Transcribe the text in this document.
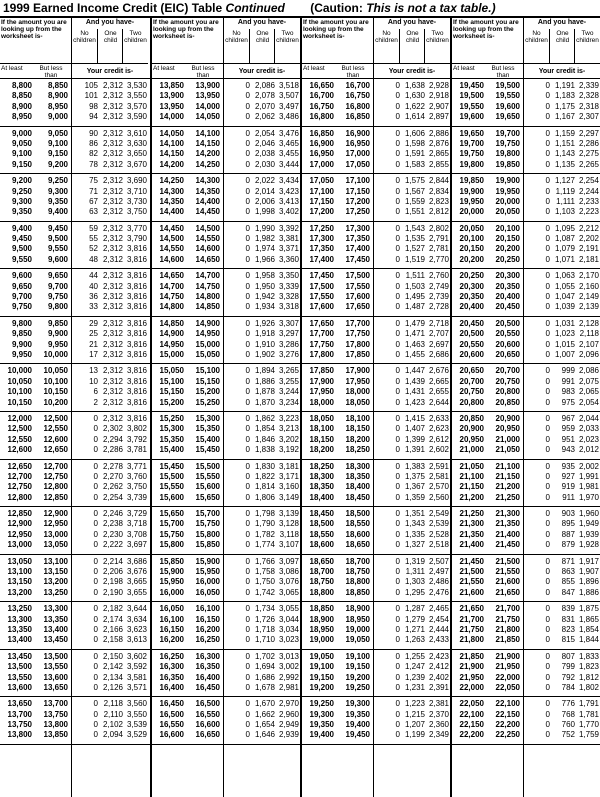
1999 Earned Income Credit (EIC) Table Continued (Caution: This is not a tax table.)
If the amount you are looking up from the worksheet is-
And you have-
No children
One child
Two children
At least	But less than
Your credit is-
8,800	8,850	105 2,312 3,530
8,850	8,900	101 2,312 3,550
8,900	8,950	98 2,312 3,570
8,950	9,000	94 2,312 3,590
9,000	9,050	90 2,312 3,610
9,050	9,100	86 2,312 3,630
9,100	9,150	82 2,312 3,650
9,150	9,200	78 2,312 3,670
9,200	9,250	75 2,312 3,690
9,250	9,300	71 2,312 3,710
9,300	9,350	67 2,312 3,730
9,350	9,400	63 2,312 3,750
9,400	9,450	59 2,312 3,770
9,450	9,500	55 2,312 3,790
9,500	9,550	52 2,312 3,816
9,550	9,600	48 2,312 3,816
9,600	9,650	44 2,312 3,816
9,650	9,700	40 2,312 3,816
9,700	9,750	36 2,312 3,816
9,750	9,800	33 2,312 3,816
9,800	9,850	29 2,312 3,816
9,850	9,900	25 2,312 3,816
9,900	9,950	21 2,312 3,816
9,950	10,000	17 2,312 3,816
10,000	10,050	13 2,312 3,816
10,050	10,100	10 2,312 3,816
10,100	10,150	6 2,312 3,816
10,150	10,200	2 2,312 3,816
12,000	12,500	0 2,312 3,816
12,500	12,550	0 2,302 3,802
12,550	12,600	0 2,294 3,792
12,600	12,650	0 2,286 3,781
12,650	12,700	0 2,278 3,771
12,700	12,750	0 2,270 3,760
12,750	12,800	0 2,262 3,750
12,800	12,850	0 2,254 3,739
12,850	12,900	0 2,246 3,729
12,900	12,950	0 2,238 3,718
12,950	13,000	0 2,230 3,708
13,000	13,050	0 2,222 3,697
13,050	13,100	0 2,214 3,686
13,100	13,150	0 2,206 3,676
13,150	13,200	0 2,198 3,665
13,200	13,250	0 2,190 3,655
13,250	13,300	0 2,182 3,644
13,300	13,350	0 2,174 3,634
13,350	13,400	0 2,166 3,623
13,400	13,450	0 2,158 3,613
13,450	13,500	0 2,150 3,602
13,500	13,550	0 2,142 3,592
13,550	13,600	0 2,134 3,581
13,600	13,650	0 2,126 3,571
13,650	13,700	0 2,118 3,560
13,700	13,750	0 2,110 3,550
13,750	13,800	0 2,102 3,539
13,800	13,850	0 2,094 3,529
If the amount you are looking up from the worksheet is-
And you have-
No children
One child
Two children
At least	But less than
Your credit is-
13,850	13,900	0 2,086 3,518
13,900	13,950	0 2,078 3,507
13,950	14,000	0 2,070 3,497
14,000	14,050	0 2,062 3,486
14,050	14,100	0 2,054 3,476
14,100	14,150	0 2,046 3,465
14,150	14,200	0 2,038 3,455
14,200	14,250	0 2,030 3,444
14,250	14,300	0 2,022 3,434
14,300	14,350	0 2,014 3,423
14,350	14,400	0 2,006 3,413
14,400	14,450	0 1,998 3,402
14,450	14,500	0 1,990 3,392
14,500	14,550	0 1,982 3,381
14,550	14,600	0 1,974 3,371
14,600	14,650	0 1,966 3,360
14,650	14,700	0 1,958 3,350
14,700	14,750	0 1,950 3,339
14,750	14,800	0 1,942 3,328
14,800	14,850	0 1,934 3,318
14,850	14,900	0 1,926 3,307
14,900	14,950	0 1,918 3,297
14,950	15,000	0 1,910 3,286
15,000	15,050	0 1,902 3,276
15,050	15,100	0 1,894 3,265
15,100	15,150	0 1,886 3,255
15,150	15,200	0 1,878 3,244
15,200	15,250	0 1,870 3,234
15,250	15,300	0 1,862 3,223
15,300	15,350	0 1,854 3,213
15,350	15,400	0 1,846 3,202
15,400	15,450	0 1,838 3,192
15,450	15,500	0 1,830 3,181
15,500	15,550	0 1,822 3,171
15,550	15,600	0 1,814 3,160
15,600	15,650	0 1,806 3,149
15,650	15,700	0 1,798 3,139
15,700	15,750	0 1,790 3,128
15,750	15,800	0 1,782 3,118
15,800	15,850	0 1,774 3,107
15,850	15,900	0 1,766 3,097
15,900	15,950	0 1,758 3,086
15,950	16,000	0 1,750 3,076
16,000	16,050	0 1,742 3,065
16,050	16,100	0 1,734 3,055
16,100	16,150	0 1,726 3,044
16,150	16,200	0 1,718 3,034
16,200	16,250	0 1,710 3,023
16,250	16,300	0 1,702 3,013
16,300	16,350	0 1,694 3,002
16,350	16,400	0 1,686 2,992
16,400	16,450	0 1,678 2,981
16,450	16,500	0 1,670 2,970
16,500	16,550	0 1,662 2,960
16,550	16,600	0 1,654 2,949
16,600	16,650	0 1,646 2,939
If the amount you are looking up from the worksheet is-
And you have-
No children
One child
Two children
At least	But less than
Your credit is-
16,650	16,700	0 1,638 2,928
16,700	16,750	0 1,630 2,918
16,750	16,800	0 1,622 2,907
16,800	16,850	0 1,614 2,897
16,850	16,900	0 1,606 2,886
16,900	16,950	0 1,598 2,876
16,950	17,000	0 1,591 2,865
17,000	17,050	0 1,583 2,855
17,050	17,100	0 1,575 2,844
17,100	17,150	0 1,567 2,834
17,150	17,200	0 1,559 2,823
17,200	17,250	0 1,551 2,812
17,250	17,300	0 1,543 2,802
17,300	17,350	0 1,535 2,791
17,350	17,400	0 1,527 2,781
17,400	17,450	0 1,519 2,770
17,450	17,500	0 1,511 2,760
17,500	17,550	0 1,503 2,749
17,550	17,600	0 1,495 2,739
17,600	17,650	0 1,487 2,728
17,650	17,700	0 1,479 2,718
17,700	17,750	0 1,471 2,707
17,750	17,800	0 1,463 2,697
17,800	17,850	0 1,455 2,686
17,850	17,900	0 1,447 2,676
17,900	17,950	0 1,439 2,665
17,950	18,000	0 1,431 2,655
18,000	18,050	0 1,423 2,644
18,050	18,100	0 1,415 2,633
18,100	18,150	0 1,407 2,623
18,150	18,200	0 1,399 2,612
18,200	18,250	0 1,391 2,602
18,250	18,300	0 1,383 2,591
18,300	18,350	0 1,375 2,581
18,350	18,400	0 1,367 2,570
18,400	18,450	0 1,359 2,560
18,450	18,500	0 1,351 2,549
18,500	18,550	0 1,343 2,539
18,550	18,600	0 1,335 2,528
18,600	18,650	0 1,327 2,518
18,650	18,700	0 1,319 2,507
18,700	18,750	0 1,311 2,497
18,750	18,800	0 1,303 2,486
18,800	18,850	0 1,295 2,476
18,850	18,900	0 1,287 2,465
18,900	18,950	0 1,279 2,454
18,950	19,000	0 1,271 2,444
19,000	19,050	0 1,263 2,433
19,050	19,100	0 1,255 2,423
19,100	19,150	0 1,247 2,412
19,150	19,200	0 1,239 2,402
19,200	19,250	0 1,231 2,391
19,250	19,300	0 1,223 2,381
19,300	19,350	0 1,215 2,370
19,350	19,400	0 1,207 2,360
19,400	19,450	0 1,199 2,349
If the amount you are looking up from the worksheet is-
And you have-
No children
One child
Two children
At least	But less than
Your credit is-
19,450	19,500	0 1,191 2,339
19,500	19,550	0 1,183 2,328
19,550	19,600	0 1,175 2,318
19,600	19,650	0 1,167 2,307
19,650	19,700	0 1,159 2,297
19,700	19,750	0 1,151 2,286
19,750	19,800	0 1,143 2,275
19,800	19,850	0 1,135 2,265
19,850	19,900	0 1,127 2,254
19,900	19,950	0 1,119 2,244
19,950	20,000	0 1,111 2,233
20,000	20,050	0 1,103 2,223
20,050	20,100	0 1,095 2,212
20,100	20,150	0 1,087 2,202
20,150	20,200	0 1,079 2,191
20,200	20,250	0 1,071 2,181
20,250	20,300	0 1,063 2,170
20,300	20,350	0 1,055 2,160
20,350	20,400	0 1,047 2,149
20,400	20,450	0 1,039 2,139
20,450	20,500	0 1,031 2,128
20,500	20,550	0 1,023 2,118
20,550	20,600	0 1,015 2,107
20,600	20,650	0 1,007 2,096
20,650	20,700	0	999 2,086
20,700	20,750	0	991 2,075
20,750	20,800	0	983 2,065
20,800	20,850	0	975 2,054
20,850	20,900	0	967 2,044
20,900	20,950	0	959 2,033
20,950	21,000	0	951 2,023
21,000	21,050	0	943 2,012
21,050	21,100	0	935 2,002
21,100	21,150	0	927 1,991
21,150	21,200	0	919 1,981
21,200	21,250	0	911 1,970
21,250	21,300	0	903 1,960
21,300	21,350	0	895 1,949
21,350	21,400	0	887 1,939
21,400	21,450	0	879 1,928
21,450	21,500	0	871 1,917
21,500	21,550	0	863 1,907
21,550	21,600	0	855 1,896
21,600	21,650	0	847 1,886
21,650	21,700	0	839 1,875
21,700	21,750	0	831 1,865
21,750	21,800	0	823 1,854
21,800	21,850	0	815 1,844
21,850	21,900	0	807 1,833
21,900	21,950	0	799 1,823
21,950	22,000	0	792 1,812
22,000	22,050	0	784 1,802
22,050	22,100	0	776 1,791
22,100	22,150	0	768 1,781
22,150	22,200	0	760 1,770
22,200	22,250	0	752 1,759
